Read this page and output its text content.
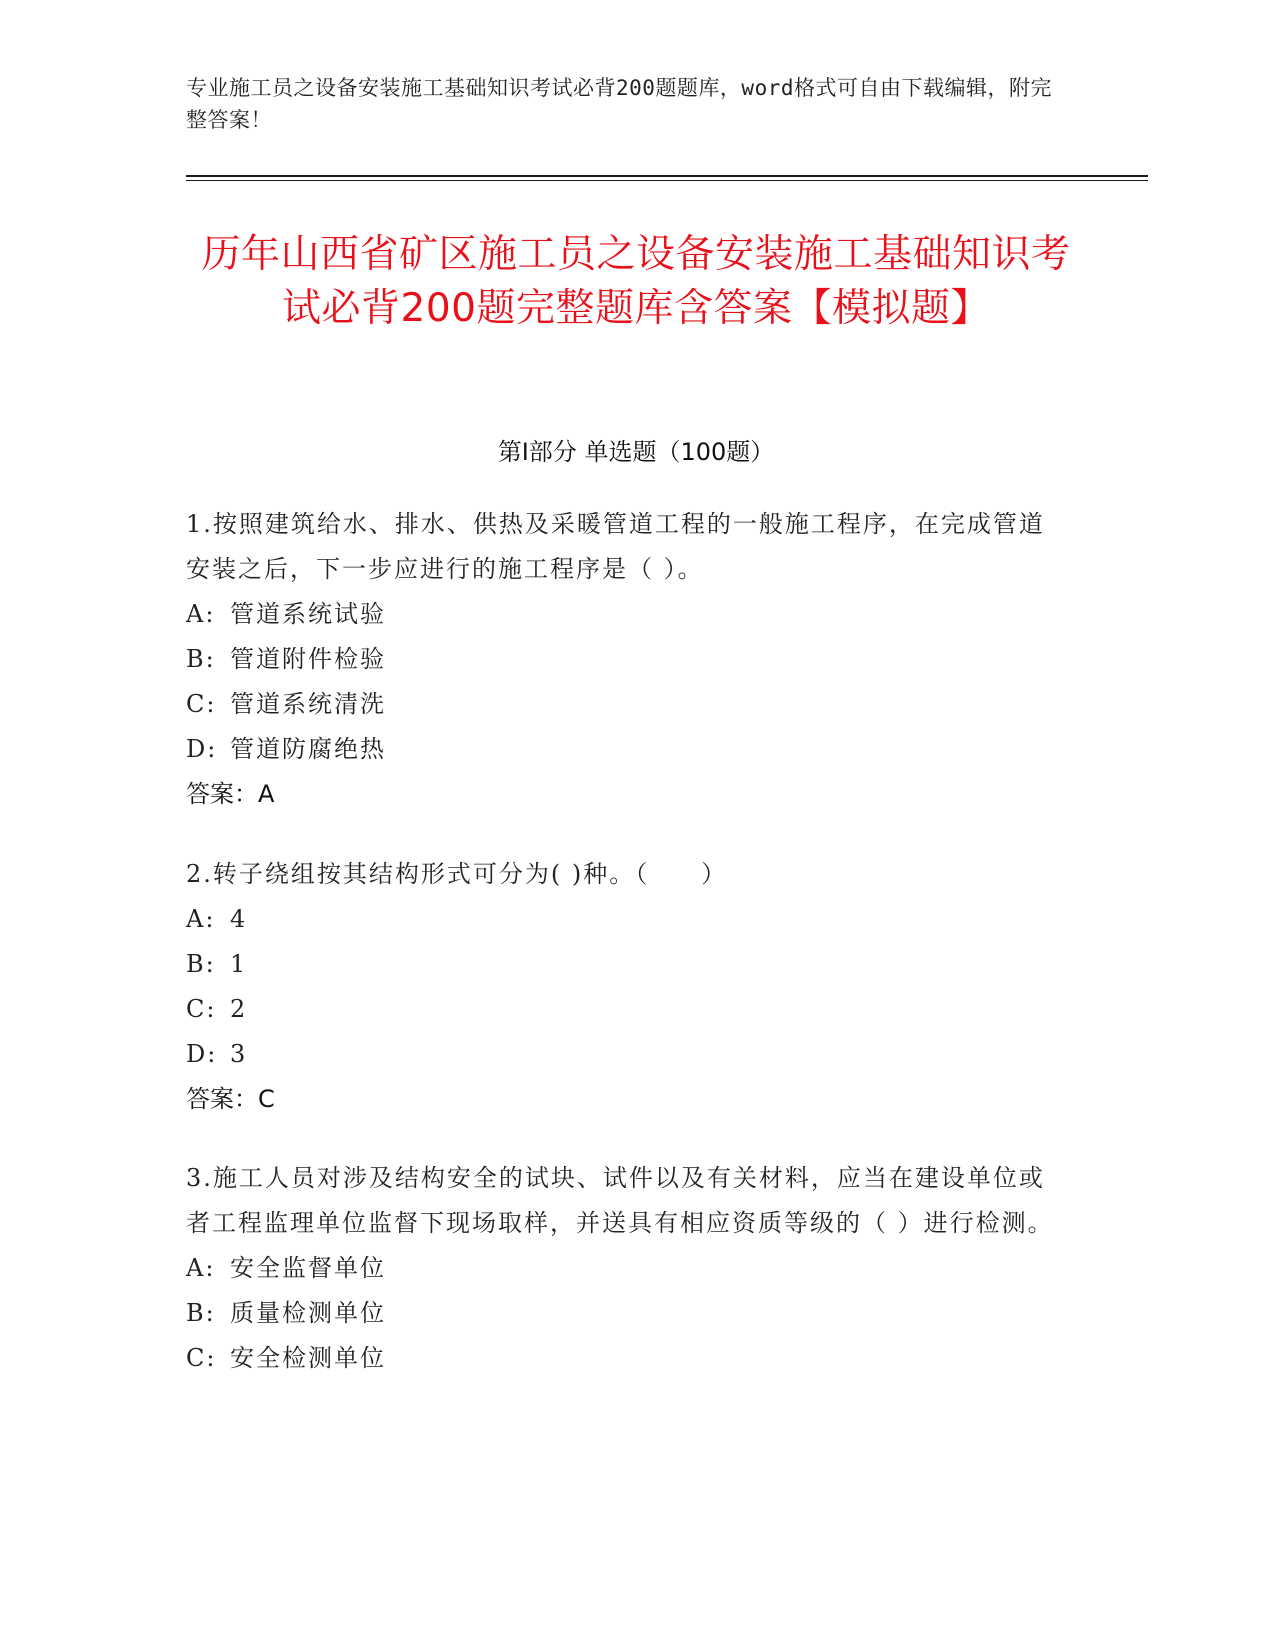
专业施工员之设备安装施工基础知识考试必背200题题库，word格式可自由下载编辑，附完整答案！
历年山西省矿区施工员之设备安装施工基础知识考试必背200题完整题库含答案【模拟题】
第I部分 单选题（100题）
1.按照建筑给水、排水、供热及采暖管道工程的一般施工程序，在完成管道安装之后，下一步应进行的施工程序是（ ）。
A: 管道系统试验
B: 管道附件检验
C: 管道系统清洗
D: 管道防腐绝热
答案：A
2.转子绕组按其结构形式可分为( )种。（　　）
A: 4
B: 1
C: 2
D: 3
答案：C
3.施工人员对涉及结构安全的试块、试件以及有关材料，应当在建设单位或者工程监理单位监督下现场取样，并送具有相应资质等级的（ ）进行检测。
A: 安全监督单位
B: 质量检测单位
C: 安全检测单位
